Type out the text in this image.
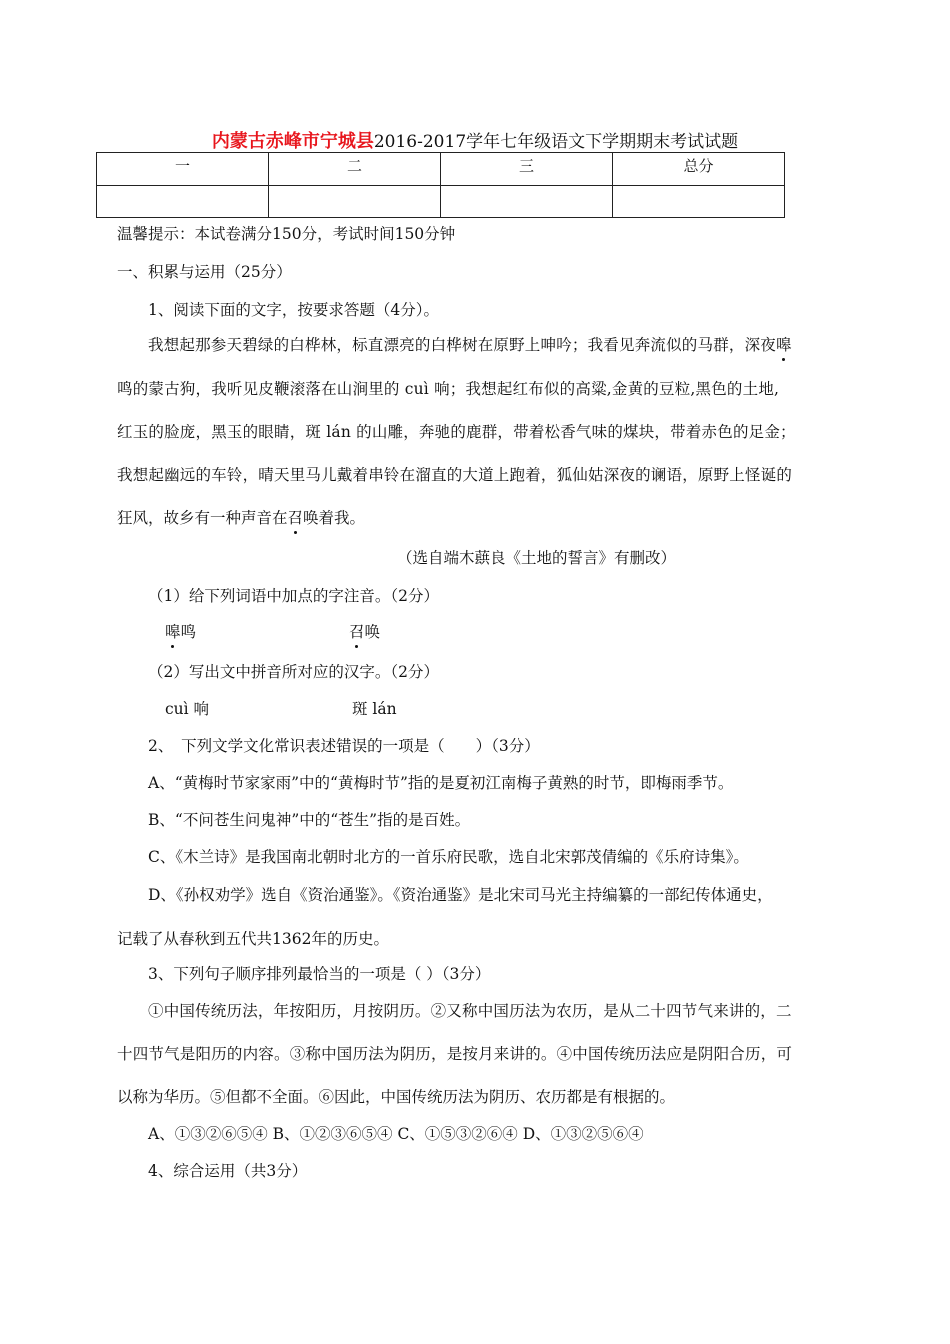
内蒙古赤峰市宁城县2016-2017学年七年级语文下学期期末考试试题
一	二	三	总分

温馨提示：本试卷满分150分，考试时间150分钟
一、积累与运用（25分）
1、阅读下面的文字，按要求答题（4分）。
我想起那参天碧绿的白桦林，标直漂亮的白桦树在原野上呻吟；我看见奔流似的马群，深夜嗥
鸣的蒙古狗，我听见皮鞭滚落在山涧里的 cuì 响；我想起红布似的高粱,金黄的豆粒,黑色的土地,
红玉的脸庞，黑玉的眼睛，斑 lán 的山雕，奔驰的鹿群，带着松香气味的煤块，带着赤色的足金；
我想起幽远的车铃，晴天里马儿戴着串铃在溜直的大道上跑着，狐仙姑深夜的谰语，原野上怪诞的
狂风，故乡有一种声音在召唤着我。
（选自端木蕻良《土地的誓言》有删改）
（1）给下列词语中加点的字注音。（2分）
嗥鸣	召唤
（2）写出文中拼音所对应的汉字。（2分）
cuì 响	斑 lán
2、　下列文学文化常识表述错误的一项是（　　）（3分）
A、“黄梅时节家家雨”中的“黄梅时节”指的是夏初江南梅子黄熟的时节，即梅雨季节。
B、“不问苍生问鬼神”中的“苍生”指的是百姓。
C、《木兰诗》是我国南北朝时北方的一首乐府民歌，选自北宋郭茂倩编的《乐府诗集》。
D、《孙权劝学》选自《资治通鉴》。《资治通鉴》是北宋司马光主持编纂的一部纪传体通史，
记载了从春秋到五代共1362年的历史。
3、下列句子顺序排列最恰当的一项是（ ）（3分）
①中国传统历法，年按阳历，月按阴历。②又称中国历法为农历，是从二十四节气来讲的，二
十四节气是阳历的内容。③称中国历法为阴历，是按月来讲的。④中国传统历法应是阴阳合历，可
以称为华历。⑤但都不全面。⑥因此，中国传统历法为阴历、农历都是有根据的。
A、①③②⑥⑤④ B、①②③⑥⑤④ C、①⑤③②⑥④ D、①③②⑤⑥④
4、综合运用（共3分）
